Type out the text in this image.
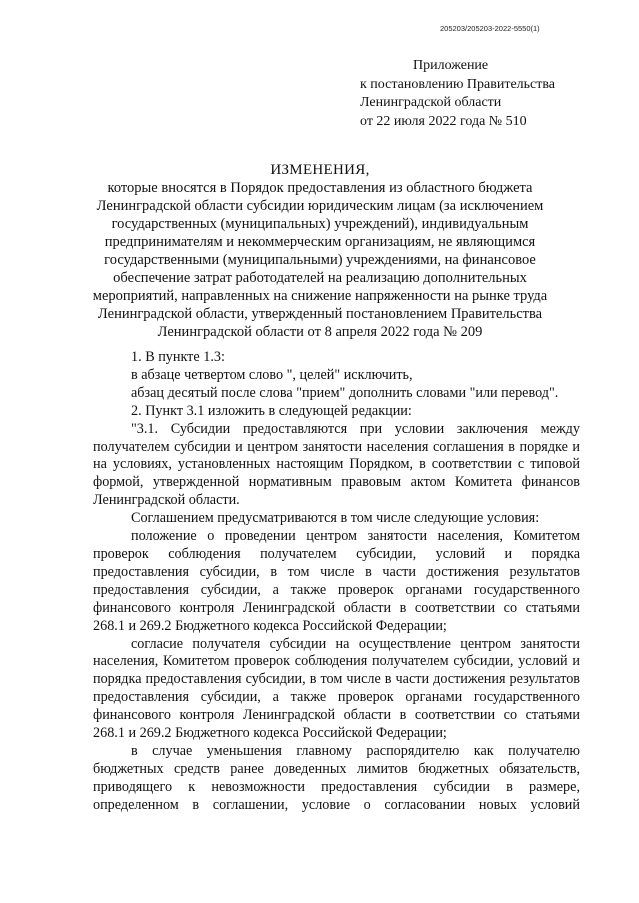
205203/205203-2022-5550(1)
Приложение
к постановлению Правительства
Ленинградской области
от 22 июля 2022 года № 510
ИЗМЕНЕНИЯ,
которые вносятся в Порядок предоставления из областного бюджета
Ленинградской области субсидии юридическим лицам (за исключением
государственных (муниципальных) учреждений), индивидуальным
предпринимателям и некоммерческим организациям, не являющимся
государственными (муниципальными) учреждениями, на финансовое
обеспечение затрат работодателей на реализацию дополнительных
мероприятий, направленных на снижение напряженности на рынке труда
Ленинградской области, утвержденный постановлением Правительства
Ленинградской области от 8 апреля 2022 года № 209

1. В пункте 1.3:

в абзаце четвертом слово ", целей" исключить,

абзац десятый после слова "прием" дополнить словами "или перевод".

2. Пункт 3.1 изложить в следующей редакции:

"3.1. Субсидии предоставляются при условии заключения между получателем субсидии и центром занятости населения соглашения в порядке и на условиях, установленных настоящим Порядком, в соответствии с типовой формой, утвержденной нормативным правовым актом Комитета финансов Ленинградской области.

Соглашением предусматриваются в том числе следующие условия:

положение о проведении центром занятости населения, Комитетом проверок соблюдения получателем субсидии, условий и порядка предоставления субсидии, в том числе в части достижения результатов предоставления субсидии, а также проверок органами государственного финансового контроля Ленинградской области в соответствии со статьями 268.1 и 269.2 Бюджетного кодекса Российской Федерации;

согласие получателя субсидии на осуществление центром занятости населения, Комитетом проверок соблюдения получателем субсидии, условий и порядка предоставления субсидии, в том числе в части достижения результатов предоставления субсидии, а также проверок органами государственного финансового контроля Ленинградской области в соответствии со статьями 268.1 и 269.2 Бюджетного кодекса Российской Федерации;

в случае уменьшения главному распорядителю как получателю бюджетных средств ранее доведенных лимитов бюджетных обязательств, приводящего к невозможности предоставления субсидии в размере, определенном в соглашении, условие о согласовании новых условий
